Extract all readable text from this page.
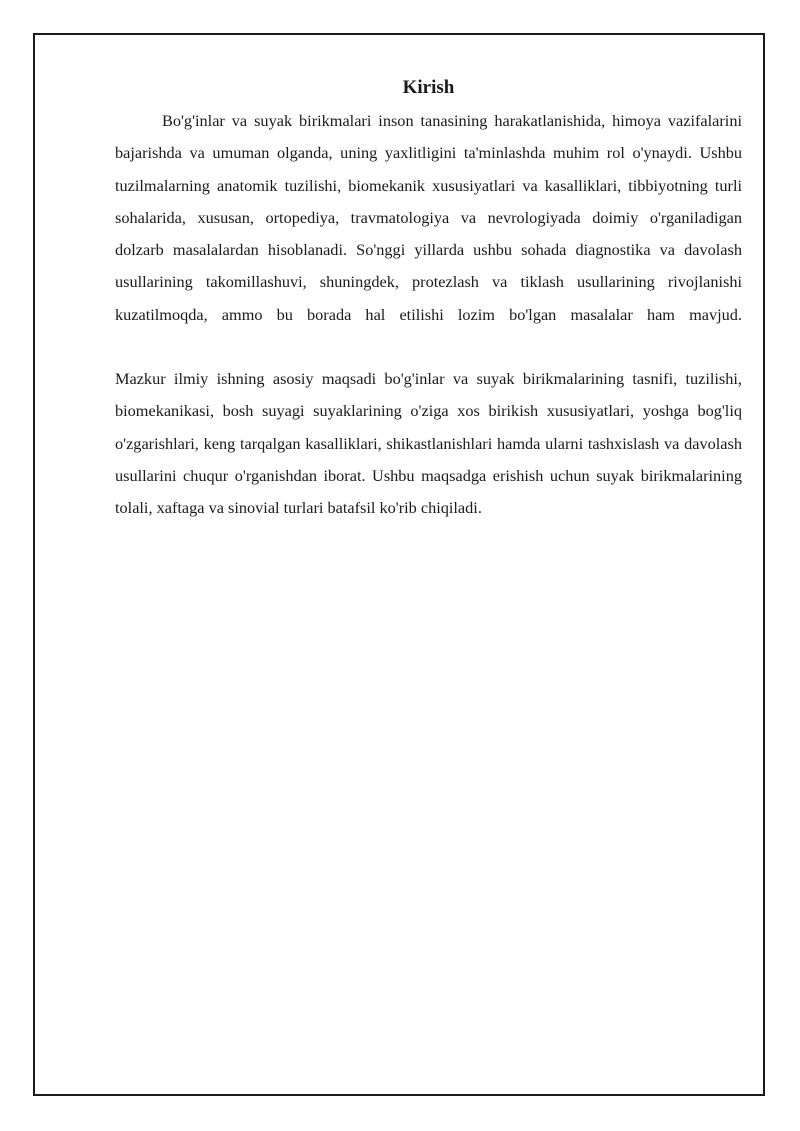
Kirish

Bo'g'inlar va suyak birikmalari inson tanasining harakatlanishida, himoya vazifalarini bajarishda va umuman olganda, uning yaxlitligini ta'minlashda muhim rol o'ynaydi. Ushbu tuzilmalarning anatomik tuzilishi, biomekanik xususiyatlari va kasalliklari, tibbiyotning turli sohalarida, xususan, ortopediya, travmatologiya va nevrologiyada doimiy o'rganiladigan dolzarb masalalardan hisoblanadi. So'nggi yillarda ushbu sohada diagnostika va davolash usullarining takomillashuvi, shuningdek, protezlash va tiklash usullarining rivojlanishi kuzatilmoqda, ammo bu borada hal etilishi lozim bo'lgan masalalar ham mavjud.

Mazkur ilmiy ishning asosiy maqsadi bo'g'inlar va suyak birikmalarining tasnifi, tuzilishi, biomekanikasi, bosh suyagi suyaklarining o'ziga xos birikish xususiyatlari, yoshga bog'liq o'zgarishlari, keng tarqalgan kasalliklari, shikastlanishlari hamda ularni tashxislash va davolash usullarini chuqur o'rganishdan iborat. Ushbu maqsadga erishish uchun suyak birikmalarining tolali, xaftaga va sinovial turlari batafsil ko'rib chiqiladi.
